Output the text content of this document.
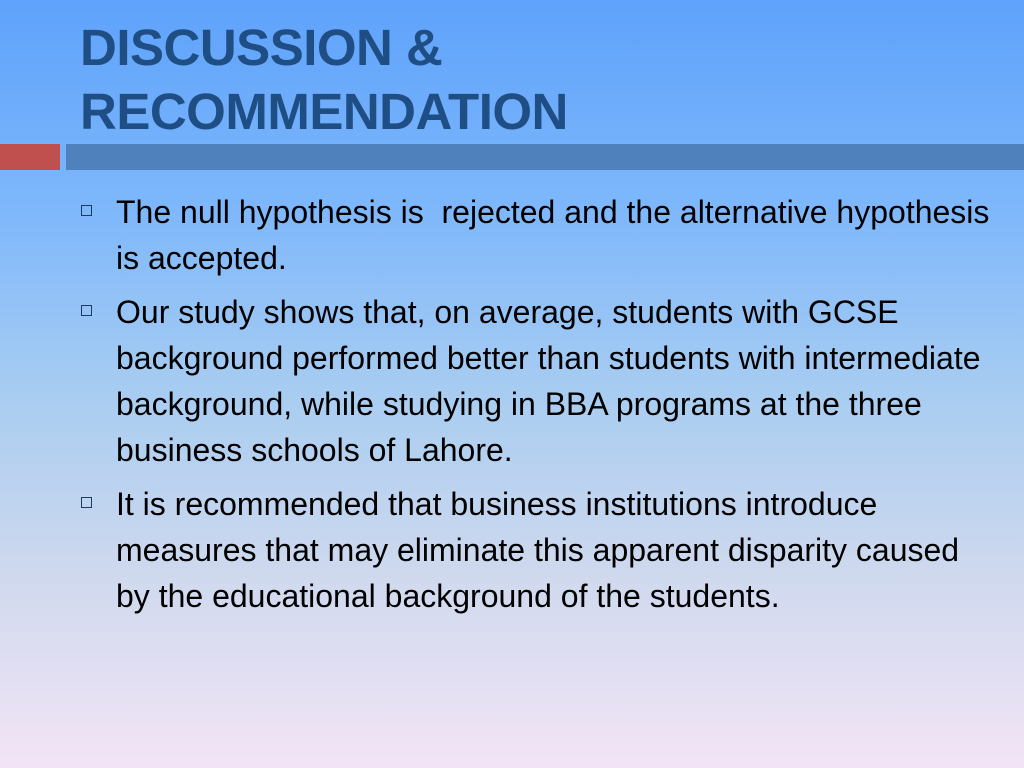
DISCUSSION &
RECOMMENDATION
The null hypothesis is  rejected and the alternative hypothesis is accepted.
Our study shows that, on average, students with GCSE background performed better than students with intermediate background, while studying in BBA programs at the three business schools of Lahore.
It is recommended that business institutions introduce measures that may eliminate this apparent disparity caused by the educational background of the students.
